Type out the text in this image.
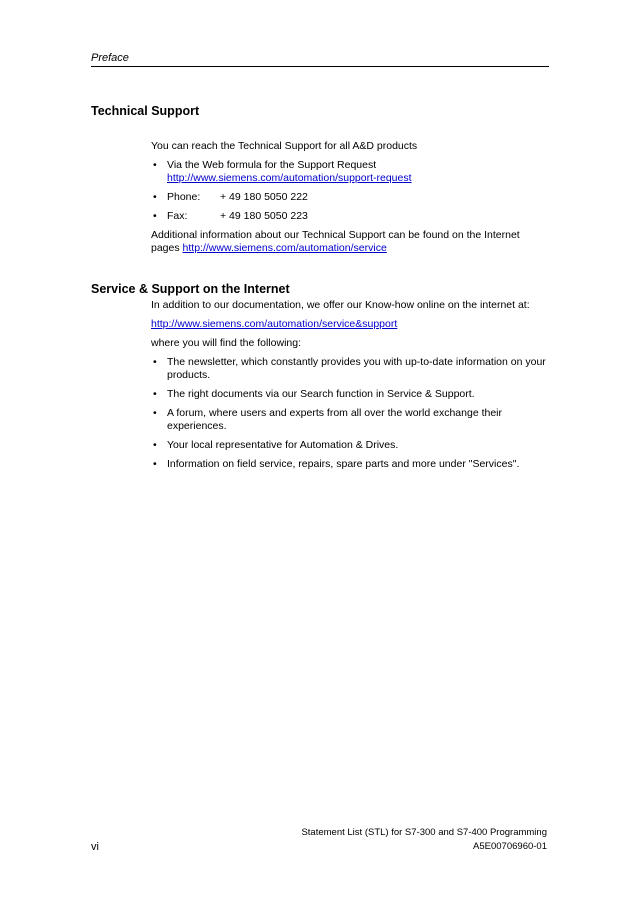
Preface
Technical Support

You can reach the Technical Support for all A&D products

• Via the Web formula for the Support Request
http://www.siemens.com/automation/support-request
• Phone: + 49 180 5050 222
• Fax:	+ 49 180 5050 223

Additional information about our Technical Support can be found on the Internet pages http://www.siemens.com/automation/service

Service & Support on the Internet

In addition to our documentation, we offer our Know-how online on the internet at:

http://www.siemens.com/automation/service&support

where you will find the following:

• The newsletter, which constantly provides you with up-to-date information on your products.
• The right documents via our Search function in Service & Support.
• A forum, where users and experts from all over the world exchange their experiences.
• Your local representative for Automation & Drives.
• Information on field service, repairs, spare parts and more under "Services".
Statement List (STL) for S7-300 and S7-400 Programming
vi	A5E00706960-01
